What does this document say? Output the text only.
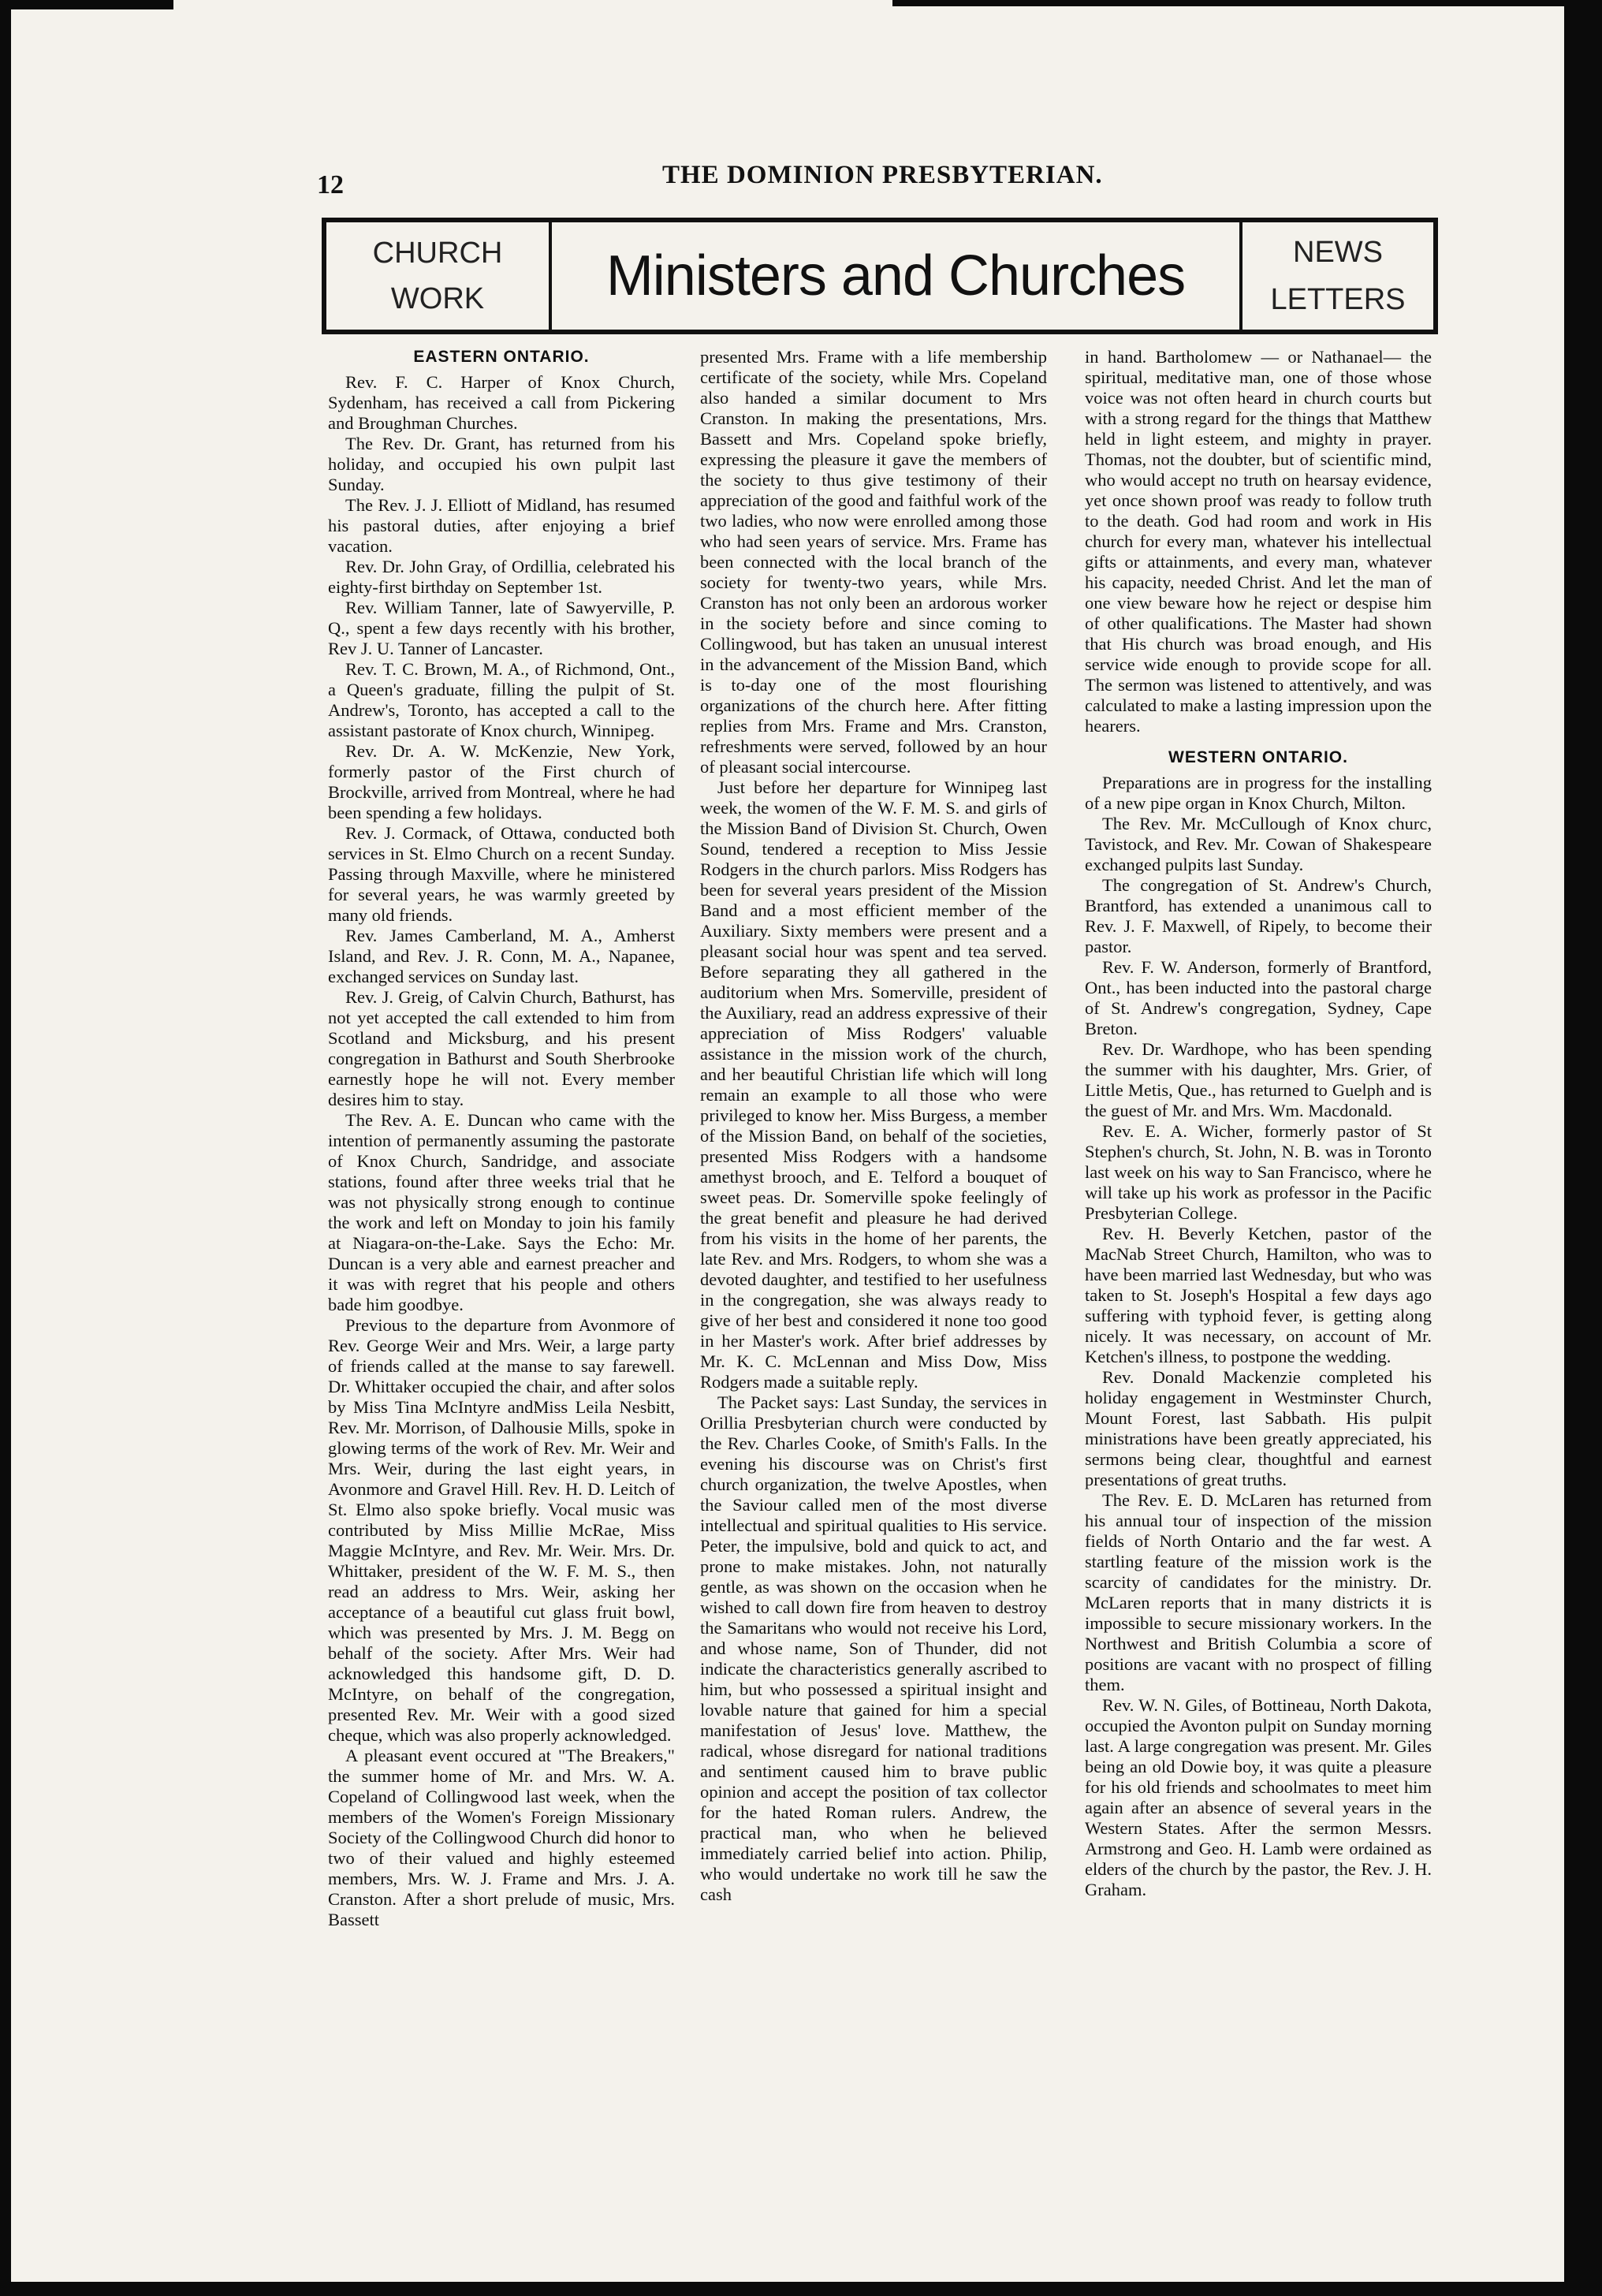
12	THE DOMINION PRESBYTERIAN.
CHURCH
WORK	Ministers and Churches	NEWS
LETTERS
EASTERN ONTARIO.

Rev. F. C. Harper of Knox Church, Sydenham, has received a call from Pickering and Broughman Churches.

The Rev. Dr. Grant, has returned from his holiday, and occupied his own pulpit last Sunday.

The Rev. J. J. Elliott of Midland, has resumed his pastoral duties, after enjoying a brief vacation.

Rev. Dr. John Gray, of Ordillia, celebrated his eighty-first birthday on September 1st.

Rev. William Tanner, late of Sawyerville, P. Q., spent a few days recently with his brother, Rev J. U. Tanner of Lancaster.

Rev. T. C. Brown, M. A., of Richmond, Ont., a Queen's graduate, filling the pulpit of St. Andrew's, Toronto, has accepted a call to the assistant pastorate of Knox church, Winnipeg.

Rev. Dr. A. W. McKenzie, New York, formerly pastor of the First church of Brockville, arrived from Montreal, where he had been spending a few holidays.

Rev. J. Cormack, of Ottawa, conducted both services in St. Elmo Church on a recent Sunday. Passing through Maxville, where he ministered for several years, he was warmly greeted by many old friends.

Rev. James Camberland, M. A., Amherst Island, and Rev. J. R. Conn, M. A., Napanee, exchanged services on Sunday last.

Rev. J. Greig, of Calvin Church, Bathurst, has not yet accepted the call extended to him from Scotland and Micksburg, and his present congregation in Bathurst and South Sherbrooke earnestly hope he will not. Every member desires him to stay.

The Rev. A. E. Duncan who came with the intention of permanently assuming the pastorate of Knox Church, Sandridge, and associate stations, found after three weeks trial that he was not physically strong enough to continue the work and left on Monday to join his family at Niagara-on-the-Lake. Says the Echo: Mr. Duncan is a very able and earnest preacher and it was with regret that his people and others bade him goodbye.

Previous to the departure from Avonmore of Rev. George Weir and Mrs. Weir, a large party of friends called at the manse to say farewell. Dr. Whittaker occupied the chair, and after solos by Miss Tina McIntyre andMiss Leila Nesbitt, Rev. Mr. Morrison, of Dalhousie Mills, spoke in glowing terms of the work of Rev. Mr. Weir and Mrs. Weir, during the last eight years, in Avonmore and Gravel Hill. Rev. H. D. Leitch of St. Elmo also spoke briefly. Vocal music was contributed by Miss Millie McRae, Miss Maggie McIntyre, and Rev. Mr. Weir. Mrs. Dr. Whittaker, president of the W. F. M. S., then read an address to Mrs. Weir, asking her acceptance of a beautiful cut glass fruit bowl, which was presented by Mrs. J. M. Begg on behalf of the society. After Mrs. Weir had acknowledged this handsome gift, D. D. McIntyre, on behalf of the congregation, presented Rev. Mr. Weir with a good sized cheque, which was also properly acknowledged.

A pleasant event occured at "The Breakers," the summer home of Mr. and Mrs. W. A. Copeland of Collingwood last week, when the members of the Women's Foreign Missionary Society of the Collingwood Church did honor to two of their valued and highly esteemed members, Mrs. W. J. Frame and Mrs. J. A. Cranston. After a short prelude of music, Mrs. Bassett

presented Mrs. Frame with a life membership certificate of the society, while Mrs. Copeland also handed a similar document to Mrs Cranston. In making the presentations, Mrs. Bassett and Mrs. Copeland spoke briefly, expressing the pleasure it gave the members of the society to thus give testimony of their appreciation of the good and faithful work of the two ladies, who now were enrolled among those who had seen years of service. Mrs. Frame has been connected with the local branch of the society for twenty-two years, while Mrs. Cranston has not only been an ardorous worker in the society before and since coming to Collingwood, but has taken an unusual interest in the advancement of the Mission Band, which is to-day one of the most flourishing organizations of the church here. After fitting replies from Mrs. Frame and Mrs. Cranston, refreshments were served, followed by an hour of pleasant social intercourse.

Just before her departure for Winnipeg last week, the women of the W. F. M. S. and girls of the Mission Band of Division St. Church, Owen Sound, tendered a reception to Miss Jessie Rodgers in the church parlors. Miss Rodgers has been for several years president of the Mission Band and a most efficient member of the Auxiliary. Sixty members were present and a pleasant social hour was spent and tea served. Before separating they all gathered in the auditorium when Mrs. Somerville, president of the Auxiliary, read an address expressive of their appreciation of Miss Rodgers' valuable assistance in the mission work of the church, and her beautiful Christian life which will long remain an example to all those who were privileged to know her. Miss Burgess, a member of the Mission Band, on behalf of the societies, presented Miss Rodgers with a handsome amethyst brooch, and E. Telford a bouquet of sweet peas. Dr. Somerville spoke feelingly of the great benefit and pleasure he had derived from his visits in the home of her parents, the late Rev. and Mrs. Rodgers, to whom she was a devoted daughter, and testified to her usefulness in the congregation, she was always ready to give of her best and considered it none too good in her Master's work. After brief addresses by Mr. K. C. McLennan and Miss Dow, Miss Rodgers made a suitable reply.

The Packet says: Last Sunday, the services in Orillia Presbyterian church were conducted by the Rev. Charles Cooke, of Smith's Falls. In the evening his discourse was on Christ's first church organization, the twelve Apostles, when the Saviour called men of the most diverse intellectual and spiritual qualities to His service. Peter, the impulsive, bold and quick to act, and prone to make mistakes. John, not naturally gentle, as was shown on the occasion when he wished to call down fire from heaven to destroy the Samaritans who would not receive his Lord, and whose name, Son of Thunder, did not indicate the characteristics generally ascribed to him, but who possessed a spiritual insight and lovable nature that gained for him a special manifestation of Jesus' love. Matthew, the radical, whose disregard for national traditions and sentiment caused him to brave public opinion and accept the position of tax collector for the hated Roman rulers. Andrew, the practical man, who when he believed immediately carried belief into action. Philip, who would undertake no work till he saw the cash

in hand. Bartholomew — or Nathanael— the spiritual, meditative man, one of those whose voice was not often heard in church courts but with a strong regard for the things that Matthew held in light esteem, and mighty in prayer. Thomas, not the doubter, but of scientific mind, who would accept no truth on hearsay evidence, yet once shown proof was ready to follow truth to the death. God had room and work in His church for every man, whatever his intellectual gifts or attainments, and every man, whatever his capacity, needed Christ. And let the man of one view beware how he reject or despise him of other qualifications. The Master had shown that His church was broad enough, and His service wide enough to provide scope for all. The sermon was listened to attentively, and was calculated to make a lasting impression upon the hearers.

WESTERN ONTARIO.

Preparations are in progress for the installing of a new pipe organ in Knox Church, Milton.

The Rev. Mr. McCullough of Knox churc, Tavistock, and Rev. Mr. Cowan of Shakespeare exchanged pulpits last Sunday.

The congregation of St. Andrew's Church, Brantford, has extended a unanimous call to Rev. J. F. Maxwell, of Ripely, to become their pastor.

Rev. F. W. Anderson, formerly of Brantford, Ont., has been inducted into the pastoral charge of St. Andrew's congregation, Sydney, Cape Breton.

Rev. Dr. Wardhope, who has been spending the summer with his daughter, Mrs. Grier, of Little Metis, Que., has returned to Guelph and is the guest of Mr. and Mrs. Wm. Macdonald.

Rev. E. A. Wicher, formerly pastor of St Stephen's church, St. John, N. B. was in Toronto last week on his way to San Francisco, where he will take up his work as professor in the Pacific Presbyterian College.

Rev. H. Beverly Ketchen, pastor of the MacNab Street Church, Hamilton, who was to have been married last Wednesday, but who was taken to St. Joseph's Hospital a few days ago suffering with typhoid fever, is getting along nicely. It was necessary, on account of Mr. Ketchen's illness, to postpone the wedding.

Rev. Donald Mackenzie completed his holiday engagement in Westminster Church, Mount Forest, last Sabbath. His pulpit ministrations have been greatly appreciated, his sermons being clear, thoughtful and earnest presentations of great truths.

The Rev. E. D. McLaren has returned from his annual tour of inspection of the mission fields of North Ontario and the far west. A startling feature of the mission work is the scarcity of candidates for the ministry. Dr. McLaren reports that in many districts it is impossible to secure missionary workers. In the Northwest and British Columbia a score of positions are vacant with no prospect of filling them.

Rev. W. N. Giles, of Bottineau, North Dakota, occupied the Avonton pulpit on Sunday morning last. A large congregation was present. Mr. Giles being an old Dowie boy, it was quite a pleasure for his old friends and schoolmates to meet him again after an absence of several years in the Western States. After the sermon Messrs. Armstrong and Geo. H. Lamb were ordained as elders of the church by the pastor, the Rev. J. H. Graham.
